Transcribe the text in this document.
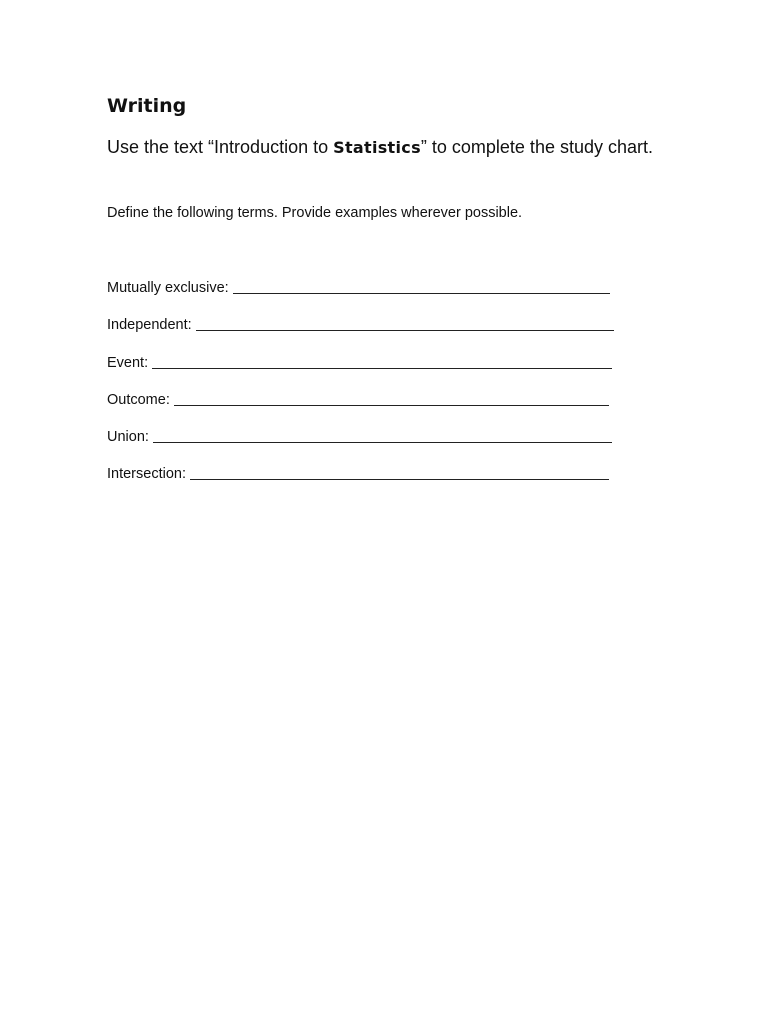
Writing

Use the text “Introduction to Statistics” to complete the study chart.

Define the following terms. Provide examples wherever possible.

Mutually exclusive:
Independent:
Event:
Outcome:
Union:
Intersection:
